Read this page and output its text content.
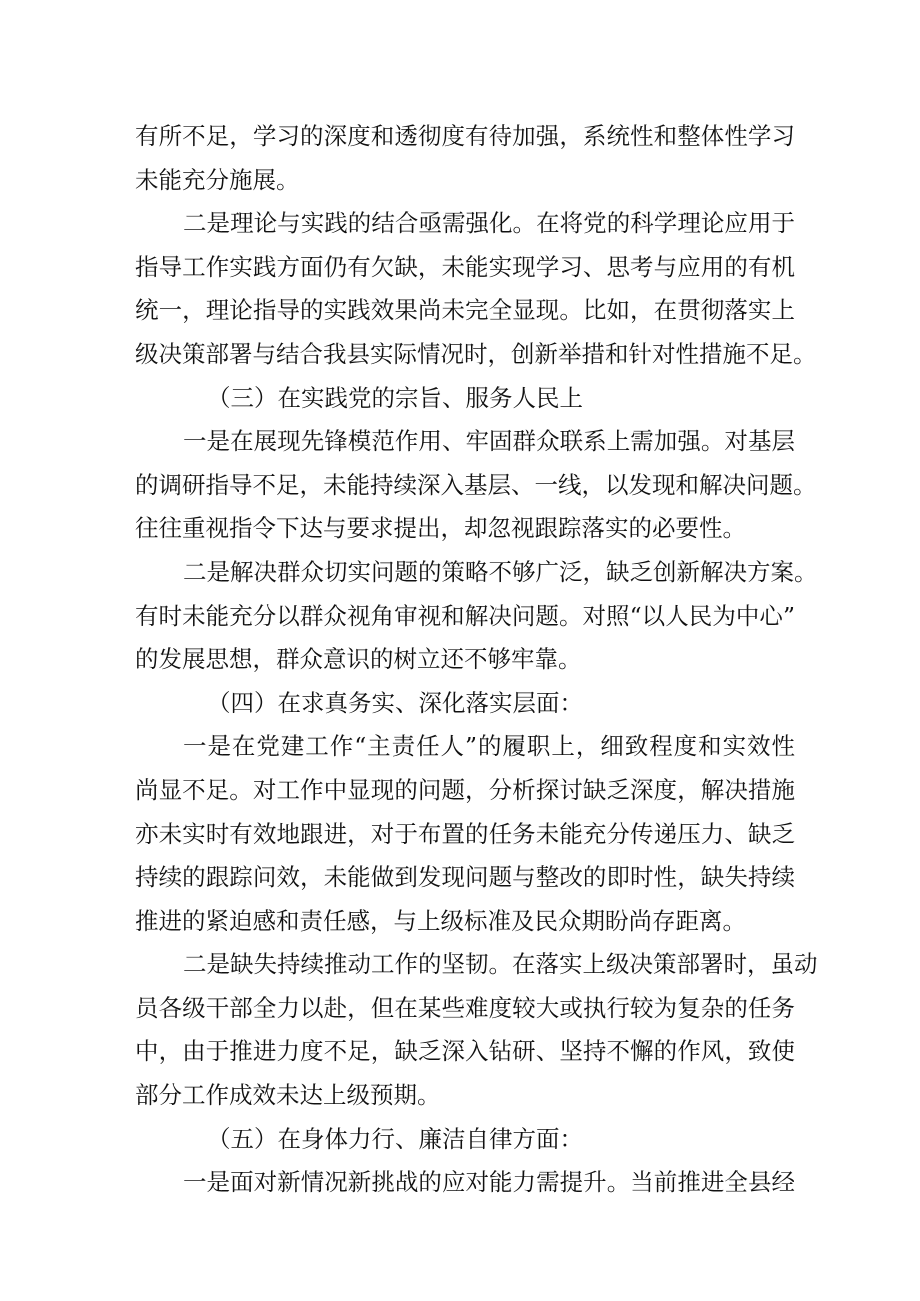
有所不足，学习的深度和透彻度有待加强，系统性和整体性学习
未能充分施展。
二是理论与实践的结合亟需强化。在将党的科学理论应用于
指导工作实践方面仍有欠缺，未能实现学习、思考与应用的有机
统一，理论指导的实践效果尚未完全显现。比如，在贯彻落实上
级决策部署与结合我县实际情况时，创新举措和针对性措施不足。
（三）在实践党的宗旨、服务人民上
一是在展现先锋模范作用、牢固群众联系上需加强。对基层
的调研指导不足，未能持续深入基层、一线，以发现和解决问题。
往往重视指令下达与要求提出，却忽视跟踪落实的必要性。
二是解决群众切实问题的策略不够广泛，缺乏创新解决方案。
有时未能充分以群众视角审视和解决问题。对照“以人民为中心”
的发展思想，群众意识的树立还不够牢靠。
（四）在求真务实、深化落实层面：
一是在党建工作“主责任人”的履职上，细致程度和实效性
尚显不足。对工作中显现的问题，分析探讨缺乏深度，解决措施
亦未实时有效地跟进，对于布置的任务未能充分传递压力、缺乏
持续的跟踪问效，未能做到发现问题与整改的即时性，缺失持续
推进的紧迫感和责任感，与上级标准及民众期盼尚存距离。
二是缺失持续推动工作的坚韧。在落实上级决策部署时，虽动
员各级干部全力以赴，但在某些难度较大或执行较为复杂的任务
中，由于推进力度不足，缺乏深入钻研、坚持不懈的作风，致使
部分工作成效未达上级预期。
（五）在身体力行、廉洁自律方面：
一是面对新情况新挑战的应对能力需提升。当前推进全县经
